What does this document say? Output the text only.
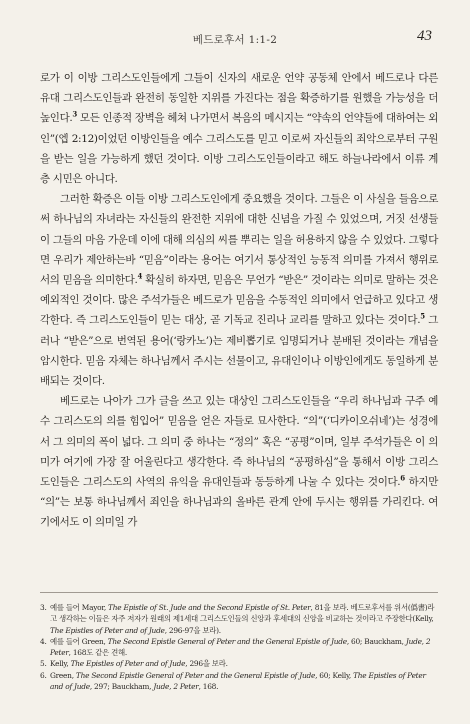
베드로후서 1:1-2	43

로가 이 이방 그리스도인들에게 그들이 신자의 새로운 언약 공동체 안에서 베드로나 다른 유대 그리스도인들과 완전히 동일한 지위를 가진다는 점을 확증하기를 원했을 가능성을 더 높인다.$^3$ 모든 인종적 장벽을 헤쳐 나가면서 복음의 메시지는 “약속의 언약들에 대하여는 외인”(엡 2:12)이었던 이방인들을 예수 그리스도를 믿고 이로써 자신들의 죄악으로부터 구원을 받는 일을 가능하게 했던 것이다. 이방 그리스도인들이라고 해도 하늘나라에서 이류 계층 시민은 아니다.

그러한 확증은 이들 이방 그리스도인에게 중요했을 것이다. 그들은 이 사실을 들음으로써 하나님의 자녀라는 자신들의 완전한 지위에 대한 신념을 가질 수 있었으며, 거짓 선생들이 그들의 마음 가운데 이에 대해 의심의 씨를 뿌리는 일을 허용하지 않을 수 있었다. 그렇다면 우리가 제안하는바 “믿음”이라는 용어는 여기서 통상적인 능동적 의미를 가져서 행위로서의 믿음을 의미한다.$^4$ 확실히 하자면, 믿음은 무언가 “받은” 것이라는 의미로 말하는 것은 예외적인 것이다. 많은 주석가들은 베드로가 믿음을 수동적인 의미에서 언급하고 있다고 생각한다. 즉 그리스도인들이 믿는 대상, 곧 기독교 진리나 교리를 말하고 있다는 것이다.$^5$ 그러나 “받은”으로 번역된 용어(‘랑카노’)는 제비뽑기로 임명되거나 분배된 것이라는 개념을 암시한다. 믿음 자체는 하나님께서 주시는 선물이고, 유대인이나 이방인에게도 동일하게 분배되는 것이다.

베드로는 나아가 그가 글을 쓰고 있는 대상인 그리스도인들을 “우리 하나님과 구주 예수 그리스도의 의를 힘입어” 믿음을 얻은 자들로 묘사한다. “의”(‘디카이오쉬네’)는 성경에서 그 의미의 폭이 넓다. 그 의미 중 하나는 “정의” 혹은 “공평”이며, 일부 주석가들은 이 의미가 여기에 가장 잘 어울린다고 생각한다. 즉 하나님의 “공평하심”을 통해서 이방 그리스도인들은 그리스도의 사역의 유익을 유대인들과 동등하게 나눌 수 있다는 것이다.$^6$ 하지만 “의”는 보통 하나님께서 죄인을 하나님과의 올바른 관계 안에 두시는 행위를 가리킨다. 여기에서도 이 의미일 가

3. 예를 들어 Mayor, The Epistle of St. Jude and the Second Epistle of St. Peter, 81을 보라. 베드로후서를 위서(僞書)라고 생각하는 이들은 자주 저자가 원래의 제1세대 그리스도인들의 신앙과 후세대의 신앙을 비교하는 것이라고 주장한다(Kelly, The Epistles of Peter and of Jude, 296-97을 보라).
4. 예를 들어 Green, The Second Epistle General of Peter and the General Epistle of Jude, 60; Bauckham, Jude, 2 Peter, 168도 같은 견해.
5. Kelly, The Epistles of Peter and of Jude, 296을 보라.
6. Green, The Second Epistle General of Peter and the General Epistle of Jude, 60; Kelly, The Epistles of Peter and of Jude, 297; Bauckham, Jude, 2 Peter, 168.
